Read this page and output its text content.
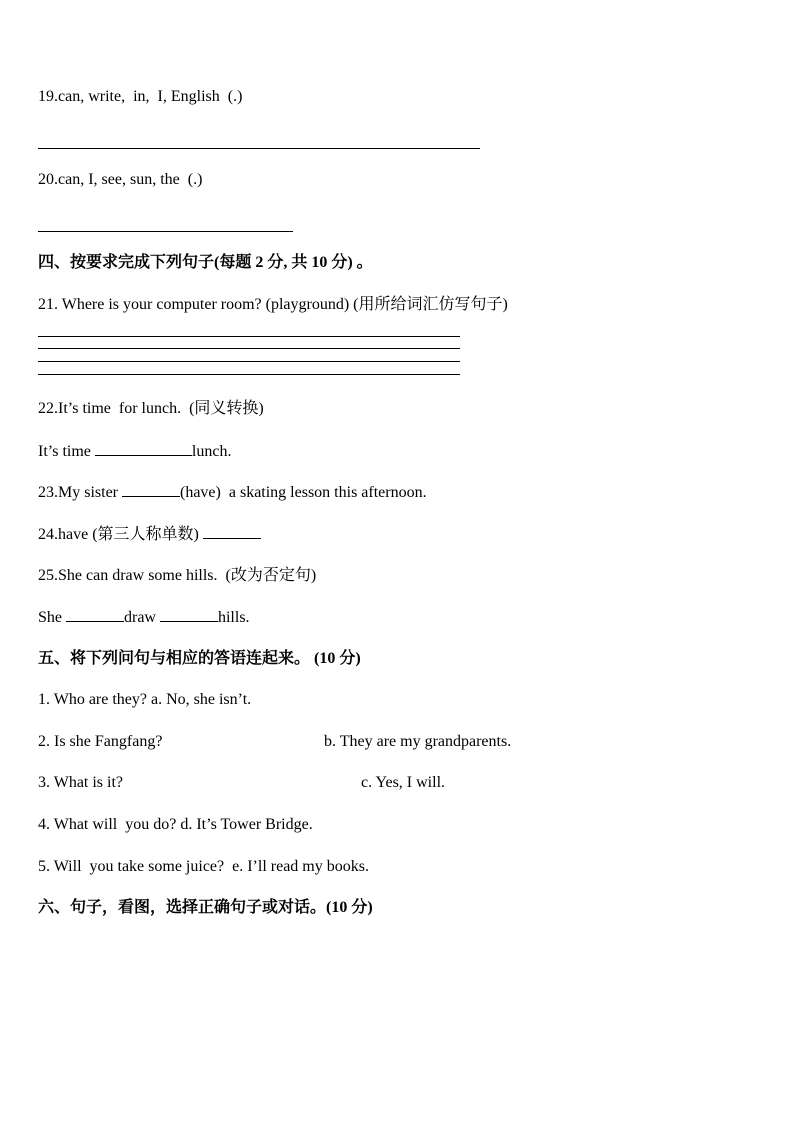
19.can, write,  in,  I, English  (.)
20.can, I, see, sun, the  (.)
四、按要求完成下列句子(每题 2 分, 共 10 分) 。
21. Where is your computer room? (playground) (用所给词汇仿写句子)
22.It’s time  for lunch.  (同义转换)
It’s time	lunch.
23.My sister	(have)  a skating lesson this afternoon.
24.have (第三人称单数)
25.She can draw some hills.  (改为否定句)
She	draw	hills.
五、将下列问句与相应的答语连起来。 (10 分)
1. Who are they? a. No, she isn’t.
2. Is she Fangfang?	b. They are my grandparents.
3. What is it?	c. Yes, I will.
4. What will  you do? d. It’s Tower Bridge.
5. Will  you take some juice?  e. I’ll read my books.
六、句子，看图，选择正确句子或对话。(10 分)
